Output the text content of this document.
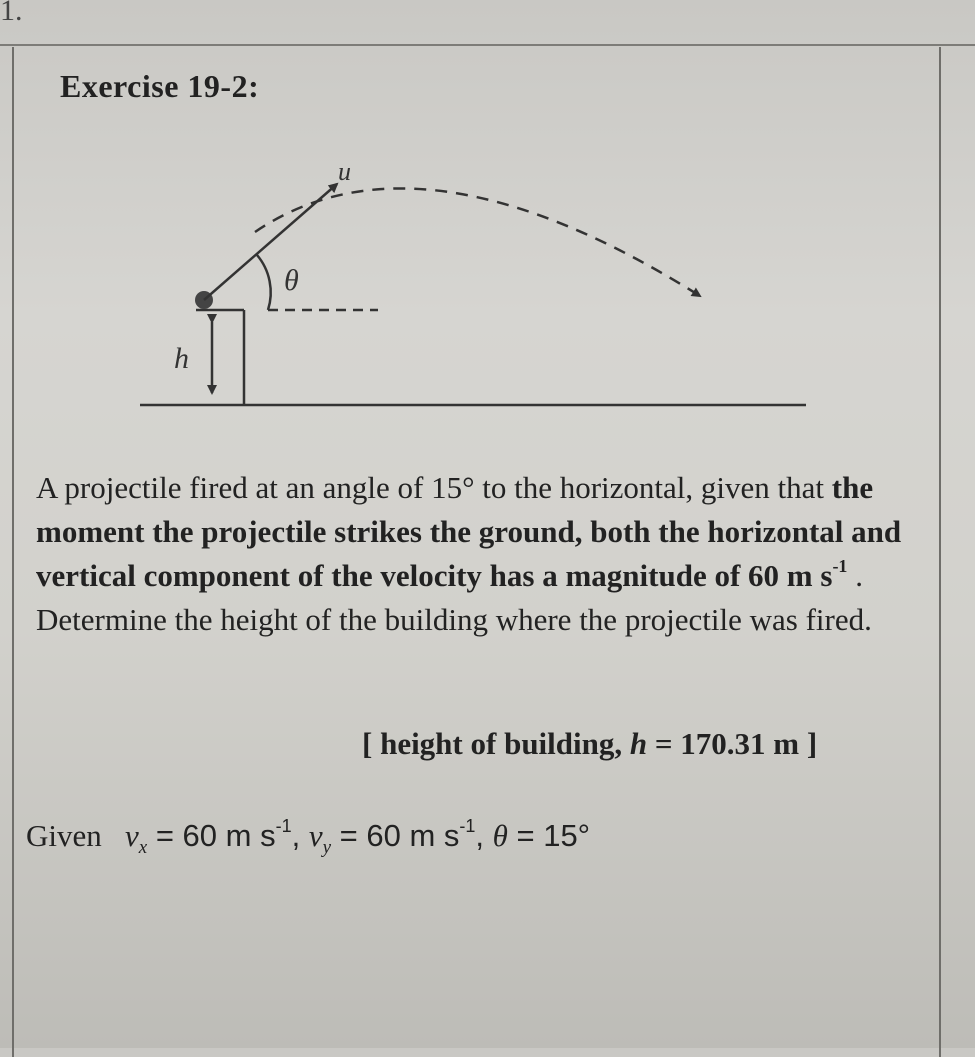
1.
Exercise 19-2:
u
θ
h

A projectile fired at an angle of 15° to the horizontal, given that the moment the projectile strikes the ground, both the horizontal and vertical component of the velocity has a magnitude of 60 m $s^{-1}$ . Determine the height of the building where the projectile was fired.

[ height of building, h = 170.31 m ]
Given $v_x = 60$ m $s^{-1}$, $v_y = 60$ m $s^{-1}$, θ = 15°
